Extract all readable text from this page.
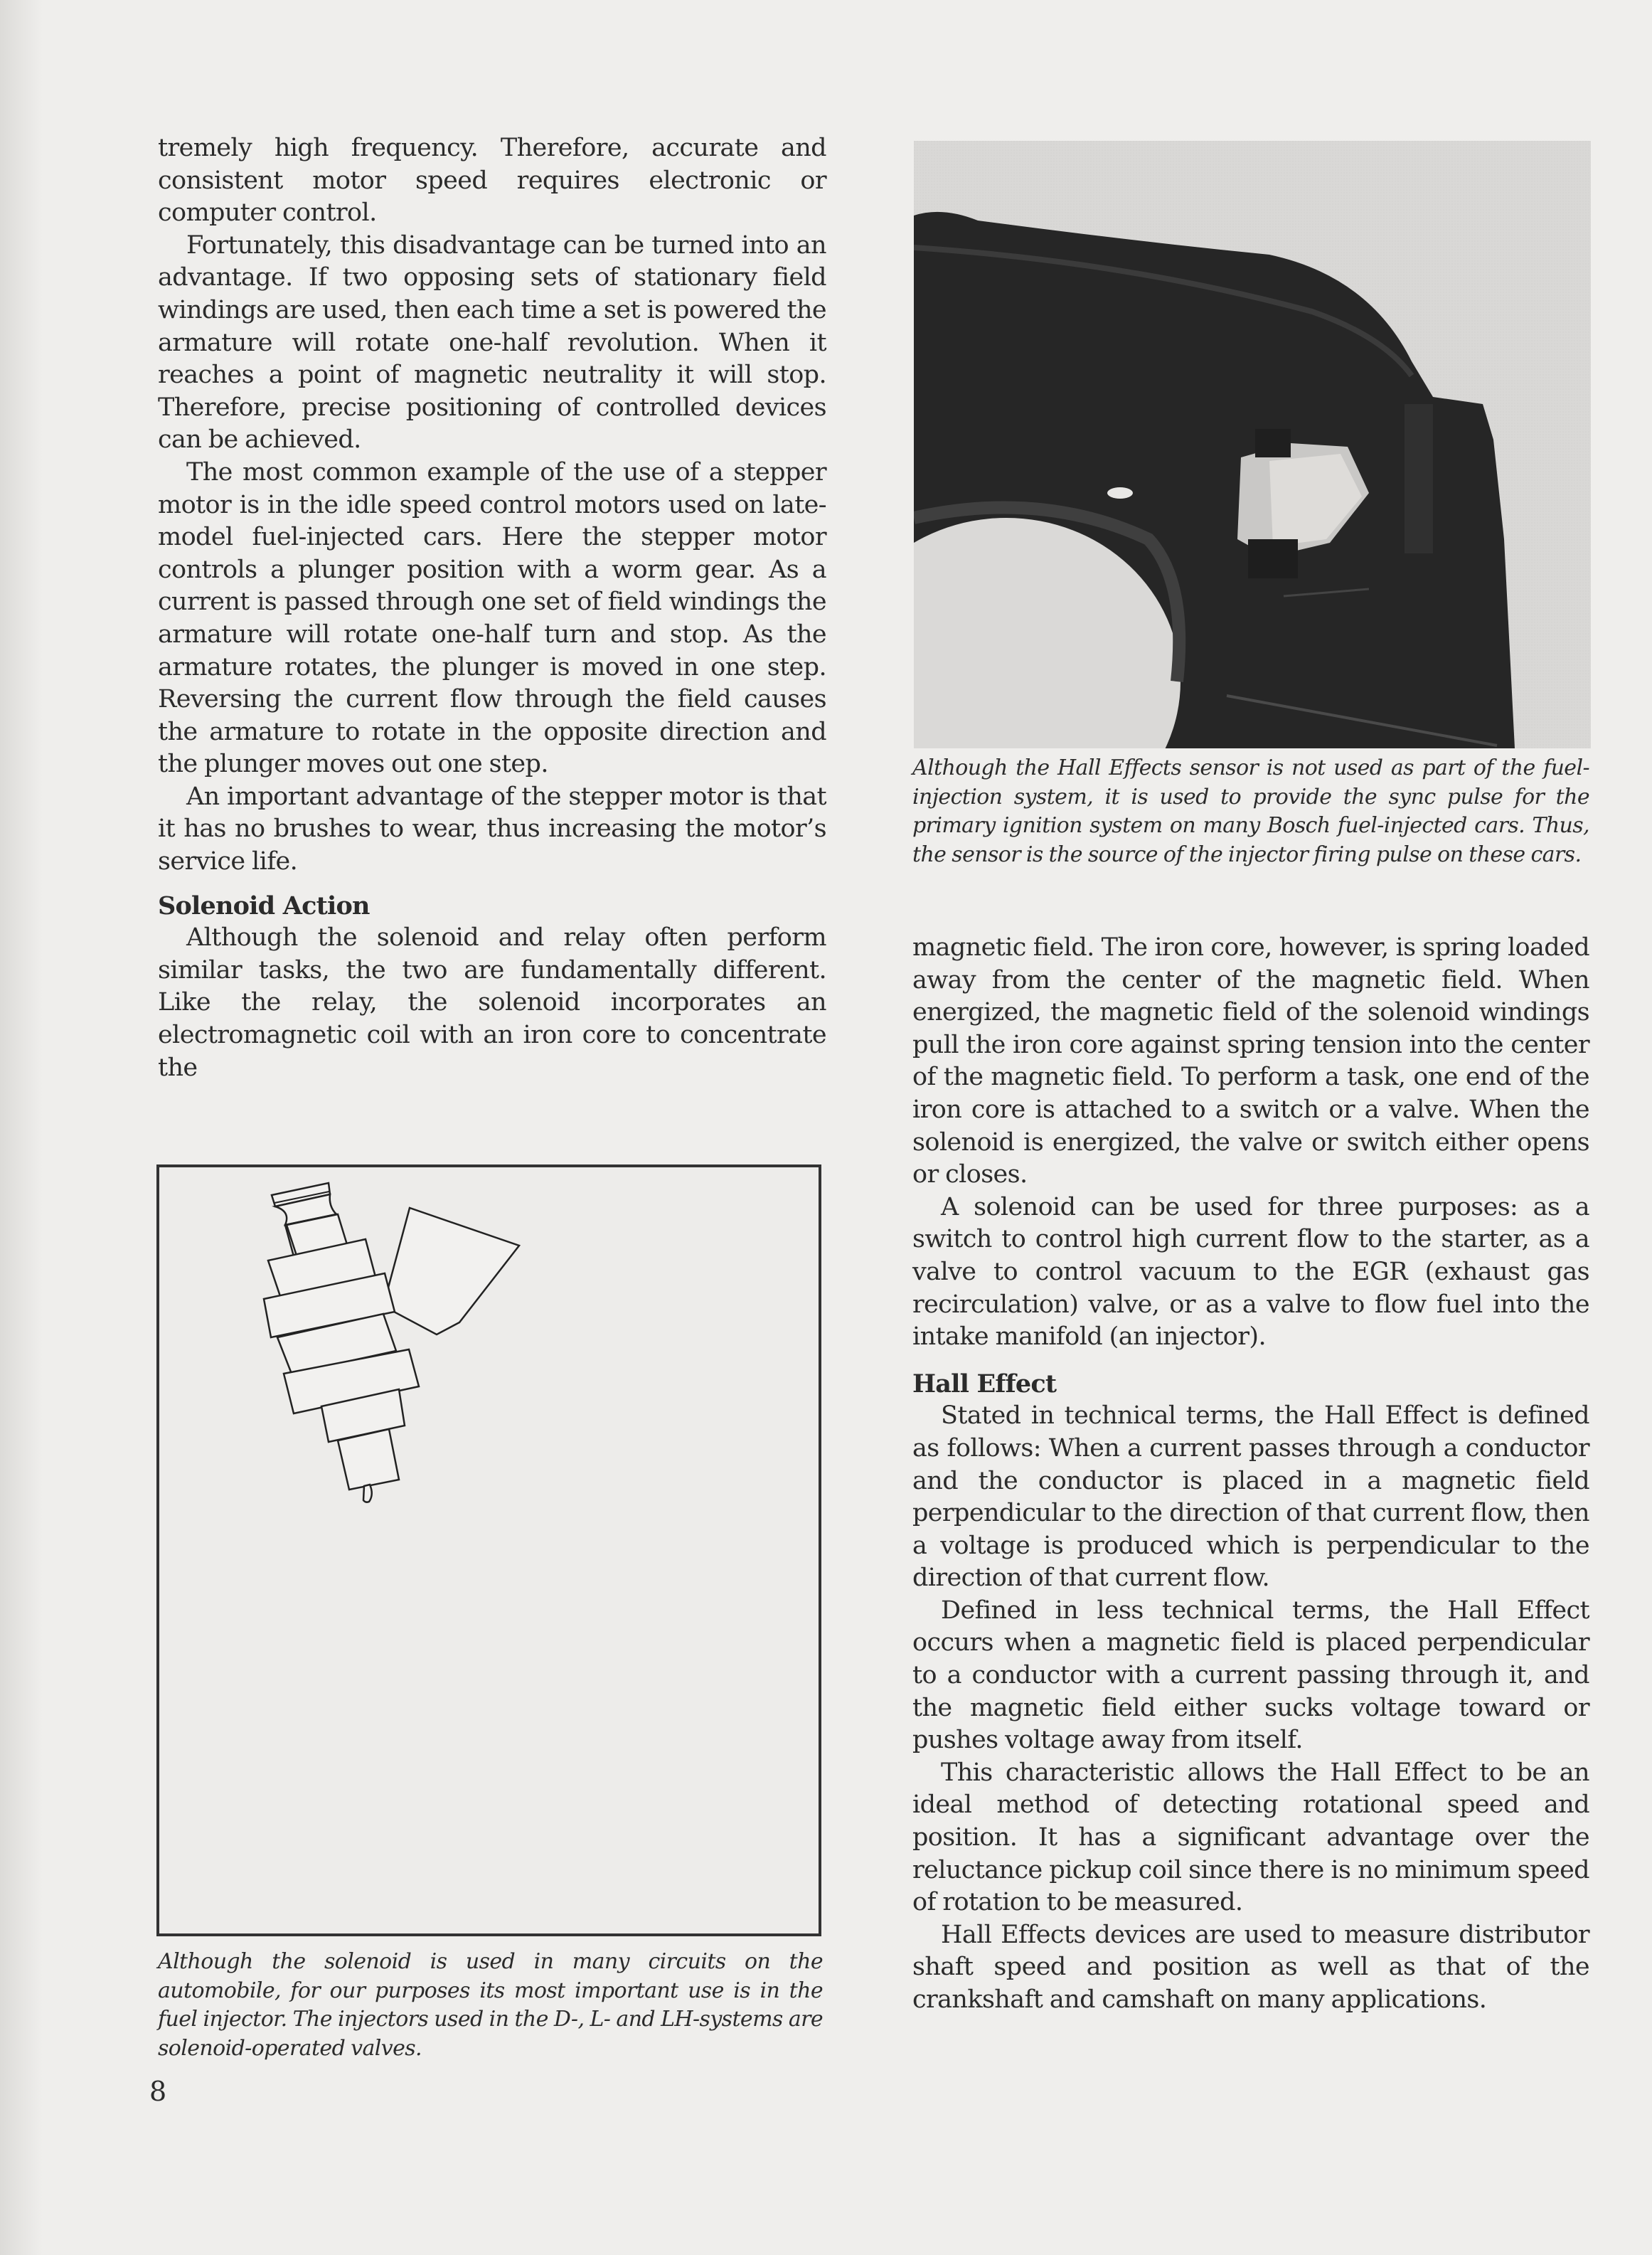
tremely high frequency. Therefore, accurate and consistent motor speed requires electronic or computer control.

Fortunately, this disadvantage can be turned into an advantage. If two opposing sets of stationary field windings are used, then each time a set is powered the armature will rotate one-half revolution. When it reaches a point of magnetic neutrality it will stop. Therefore, precise positioning of controlled devices can be achieved.

The most common example of the use of a stepper motor is in the idle speed control motors used on late-model fuel-injected cars. Here the stepper motor controls a plunger position with a worm gear. As a current is passed through one set of field windings the armature will rotate one-half turn and stop. As the armature rotates, the plunger is moved in one step. Reversing the current flow through the field causes the armature to rotate in the opposite direction and the plunger moves out one step.

An important advantage of the stepper motor is that it has no brushes to wear, thus increasing the motor’s service life.

Solenoid Action

Although the solenoid and relay often perform similar tasks, the two are fundamentally different. Like the relay, the solenoid incorporates an electromagnetic coil with an iron core to concentrate the

Although the solenoid is used in many circuits on the automobile, for our purposes its most important use is in the fuel injector. The injectors used in the D-, L- and LH-systems are solenoid-operated valves.

Although the Hall Effects sensor is not used as part of the fuel-injection system, it is used to provide the sync pulse for the primary ignition system on many Bosch fuel-injected cars. Thus, the sensor is the source of the injector firing pulse on these cars.

magnetic field. The iron core, however, is spring loaded away from the center of the magnetic field. When energized, the magnetic field of the solenoid windings pull the iron core against spring tension into the center of the magnetic field. To perform a task, one end of the iron core is attached to a switch or a valve. When the solenoid is energized, the valve or switch either opens or closes.

A solenoid can be used for three purposes: as a switch to control high current flow to the starter, as a valve to control vacuum to the EGR (exhaust gas recirculation) valve, or as a valve to flow fuel into the intake manifold (an injector).

Hall Effect

Stated in technical terms, the Hall Effect is defined as follows: When a current passes through a conductor and the conductor is placed in a magnetic field perpendicular to the direction of that current flow, then a voltage is produced which is perpendicular to the direction of that current flow.

Defined in less technical terms, the Hall Effect occurs when a magnetic field is placed perpendicular to a conductor with a current passing through it, and the magnetic field either sucks voltage toward or pushes voltage away from itself.

This characteristic allows the Hall Effect to be an ideal method of detecting rotational speed and position. It has a significant advantage over the reluctance pickup coil since there is no minimum speed of rotation to be measured.

Hall Effects devices are used to measure distributor shaft speed and position as well as that of the crankshaft and camshaft on many applications.

8
